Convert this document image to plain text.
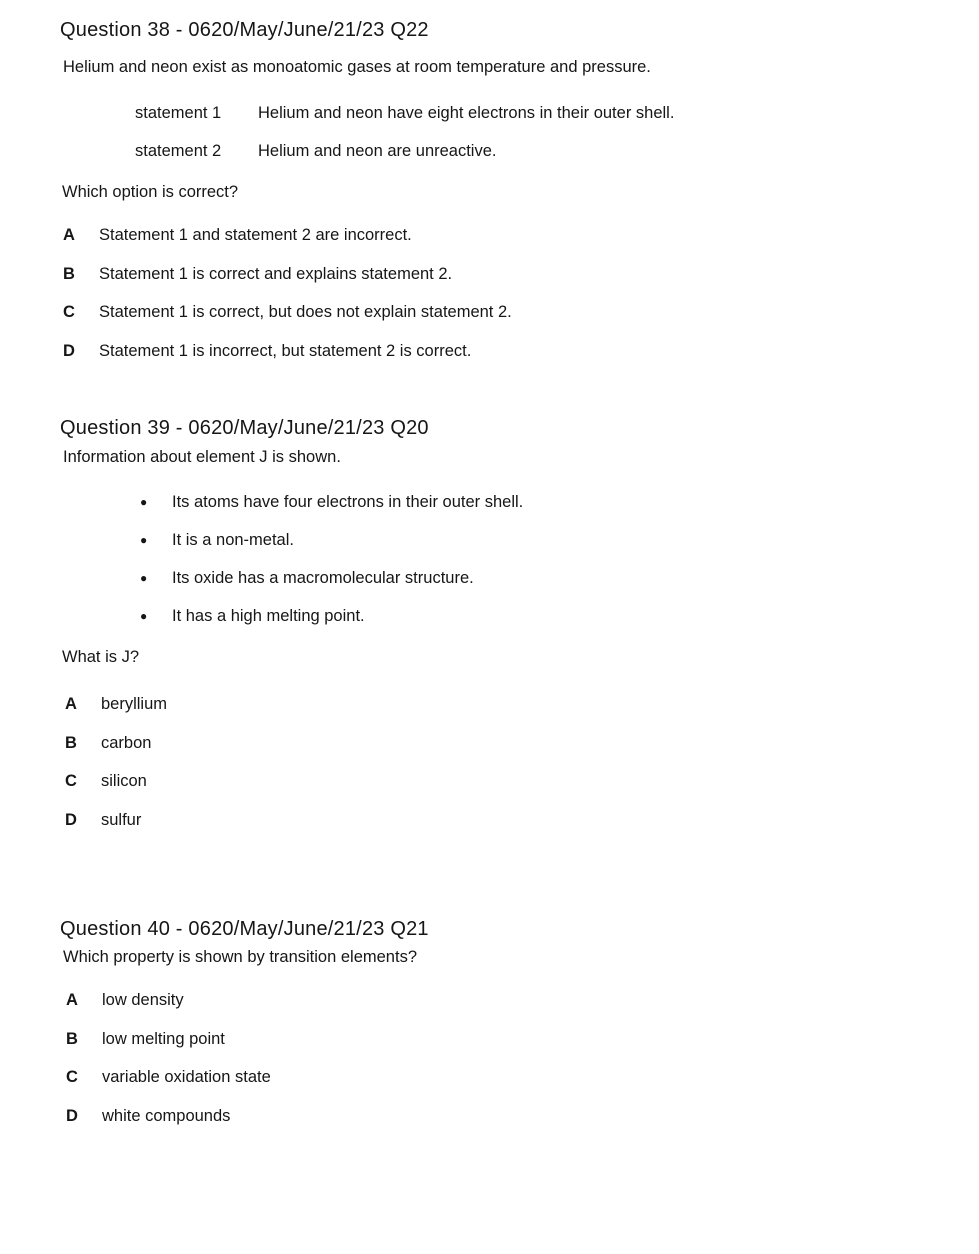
Question 38 - 0620/May/June/21/23 Q22
Helium and neon exist as monoatomic gases at room temperature and pressure.
statement 1	Helium and neon have eight electrons in their outer shell.
statement 2	Helium and neon are unreactive.
Which option is correct?
A	Statement 1 and statement 2 are incorrect.
B	Statement 1 is correct and explains statement 2.
C	Statement 1 is correct, but does not explain statement 2.
D	Statement 1 is incorrect, but statement 2 is correct.
Question 39 - 0620/May/June/21/23 Q20
Information about element J is shown.
●	Its atoms have four electrons in their outer shell.
●	It is a non-metal.
●	Its oxide has a macromolecular structure.
●	It has a high melting point.
What is J?
A	beryllium
B	carbon
C	silicon
D	sulfur
Question 40 - 0620/May/June/21/23 Q21
Which property is shown by transition elements?
A	low density
B	low melting point
C	variable oxidation state
D	white compounds
